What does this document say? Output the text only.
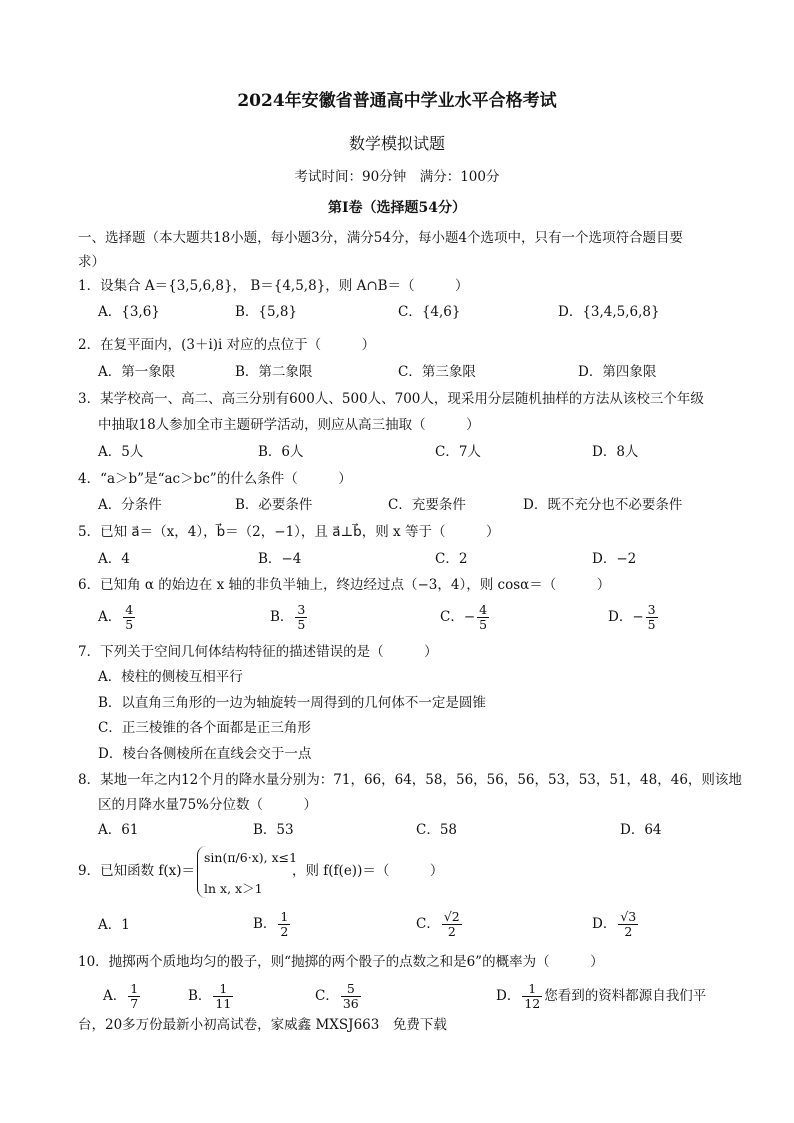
2024年安徽省普通高中学业水平合格考试
数学模拟试题
考试时间：90分钟　满分：100分
第Ⅰ卷（选择题54分）
一、选择题（本大题共18小题，每小题3分，满分54分，每小题4个选项中，只有一个选项符合题目要
求）
1．设集合 A＝{3,5,6,8}， B＝{4,5,8}，则 A∩B＝（　　　）
A．{3,6}	B．{5,8}	C．{4,6}	D．{3,4,5,6,8}
2．在复平面内，(3＋i)i 对应的点位于（　　　）
A．第一象限	B．第二象限	C．第三象限	D．第四象限
3．某学校高一、高二、高三分别有600人、500人、700人，现采用分层随机抽样的方法从该校三个年级
中抽取18人参加全市主题研学活动，则应从高三抽取（　　　）
A．5人	B．6人	C．7人	D．8人
4．“a＞b”是“ac＞bc”的什么条件（　　　）
A．分条件	B．必要条件	C．充要条件	D．既不充分也不必要条件
5．已知 a⃗＝（x，4），b⃗＝（2，−1），且 a⃗⊥b⃗，则 x 等于（　　　）
A．4	B．−4	C．2	D．−2
6．已知角 α 的始边在 x 轴的非负半轴上，终边经过点（−3，4），则 cosα＝（　　　）
A． $\frac{4}{5}$	B． $\frac{3}{5}$	C．− $\frac{4}{5}$	D．− $\frac{3}{5}$
7．下列关于空间几何体结构特征的描述错误的是（　　　）
A．棱柱的侧棱互相平行
B．以直角三角形的一边为轴旋转一周得到的几何体不一定是圆锥
C．正三棱锥的各个面都是正三角形
D．棱台各侧棱所在直线会交于一点
8．某地一年之内12个月的降水量分别为：71，66，64，58，56，56，56，53，53，51，48，46，则该地
区的月降水量75%分位数（　　　）
A．61	B．53	C．58	D．64
9．已知函数 f(x)＝
sin(π/6·x), x≤1
ln x, x＞1
，则 f(f(e))＝（　　　）
A．1	B． $\frac{1}{2}$	C． $\frac{√2}{2}$	D． $\frac{√3}{2}$
10．抛掷两个质地均匀的骰子，则“抛掷的两个骰子的点数之和是6”的概率为（　　　）
A． $\frac{1}{7}$	B． $\frac{1}{11}$	C． $\frac{5}{36}$	D． $\frac{1}{12}$ 您看到的资料都源自我们平
台，20多万份最新小初高试卷，家威鑫 MXSJ663　免费下载
